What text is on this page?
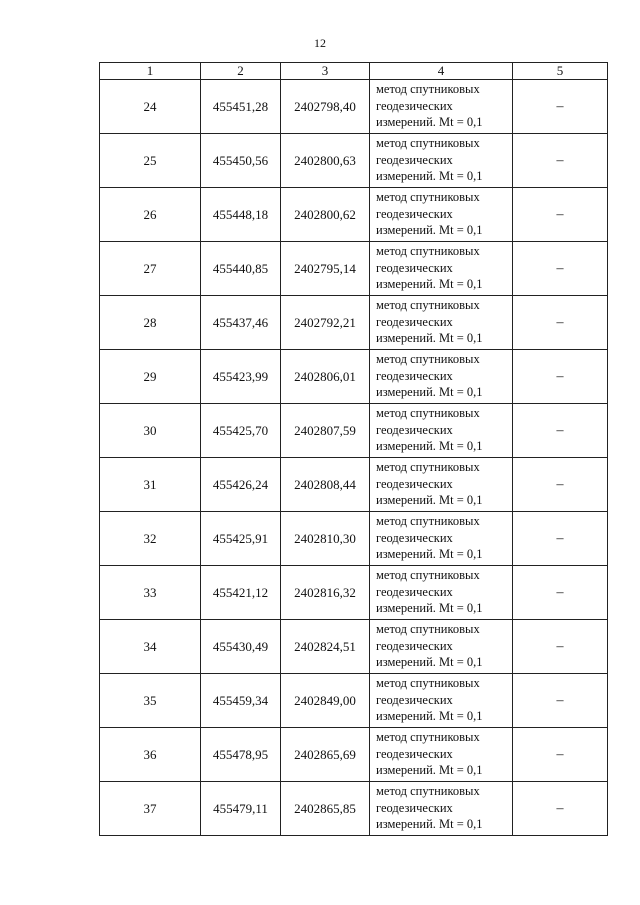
12
1	2	3	4	5
24	455451,28	2402798,40	метод спутниковых
геодезических
измерений. Mt = 0,1	–
25	455450,56	2402800,63	метод спутниковых
геодезических
измерений. Mt = 0,1	–
26	455448,18	2402800,62	метод спутниковых
геодезических
измерений. Mt = 0,1	–
27	455440,85	2402795,14	метод спутниковых
геодезических
измерений. Mt = 0,1	–
28	455437,46	2402792,21	метод спутниковых
геодезических
измерений. Mt = 0,1	–
29	455423,99	2402806,01	метод спутниковых
геодезических
измерений. Mt = 0,1	–
30	455425,70	2402807,59	метод спутниковых
геодезических
измерений. Mt = 0,1	–
31	455426,24	2402808,44	метод спутниковых
геодезических
измерений. Mt = 0,1	–
32	455425,91	2402810,30	метод спутниковых
геодезических
измерений. Mt = 0,1	–
33	455421,12	2402816,32	метод спутниковых
геодезических
измерений. Mt = 0,1	–
34	455430,49	2402824,51	метод спутниковых
геодезических
измерений. Mt = 0,1	–
35	455459,34	2402849,00	метод спутниковых
геодезических
измерений. Mt = 0,1	–
36	455478,95	2402865,69	метод спутниковых
геодезических
измерений. Mt = 0,1	–
37	455479,11	2402865,85	метод спутниковых
геодезических
измерений. Mt = 0,1	–
